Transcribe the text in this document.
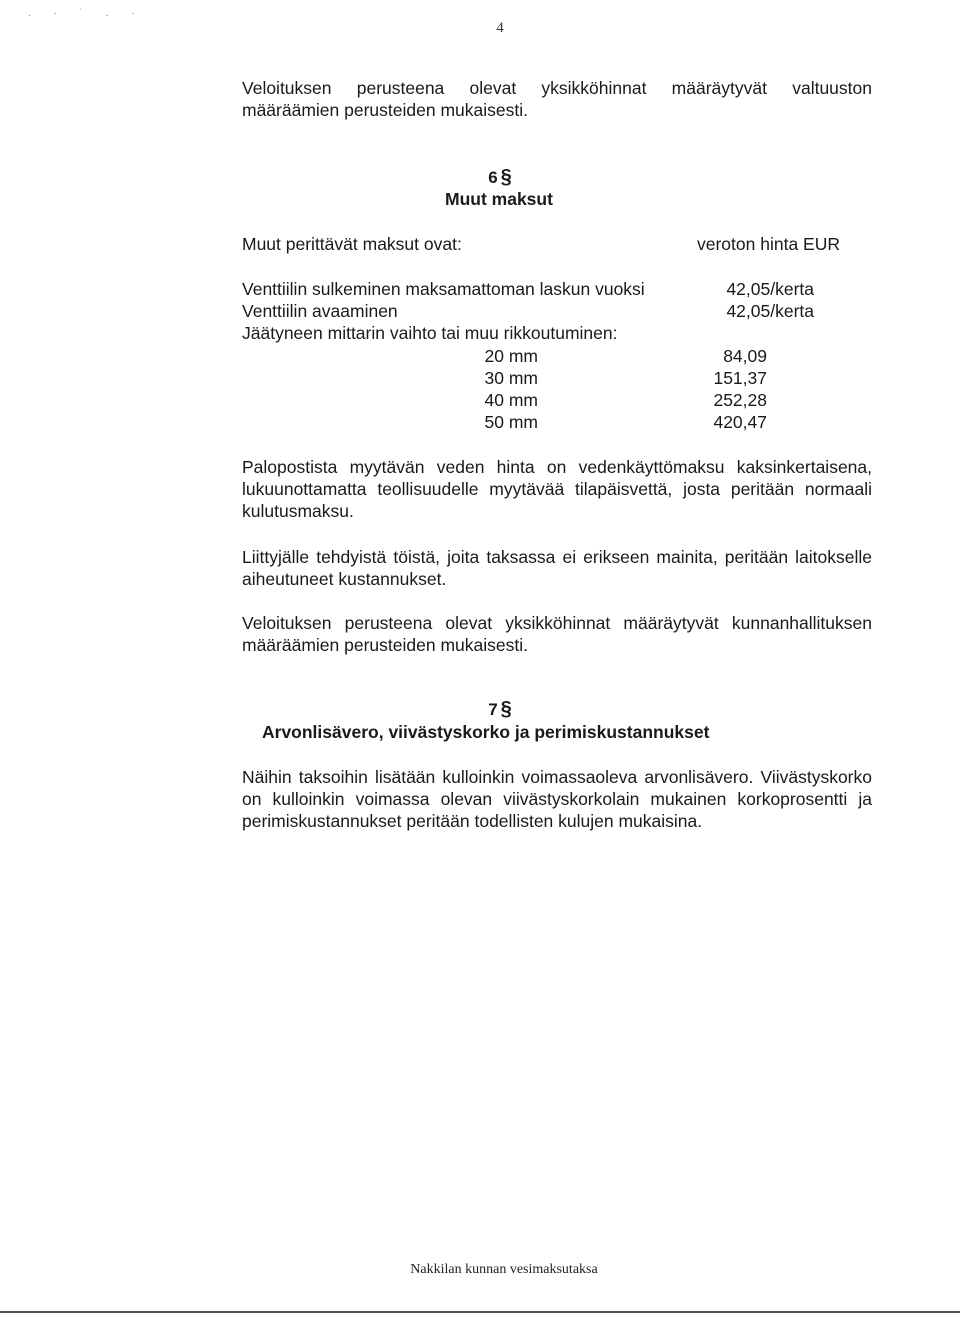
. · ˙ . ·
4

Veloituksen perusteena olevat yksikköhinnat määräytyvät valtuuston määräämien perusteiden mukaisesti.

6 §
Muut maksut
Muut perittävät maksut ovat:	veroton hinta EUR
Venttiilin sulkeminen maksamattoman laskun vuoksi	42,05/kerta
Venttiilin avaaminen	42,05/kerta
Jäätyneen mittarin vaihto tai muu rikkoutuminen:
20 mm	84,09
30 mm	151,37
40 mm	252,28
50 mm	420,47

Palopostista myytävän veden hinta on vedenkäyttömaksu kaksinkertaisena, lukuunottamatta teollisuudelle myytävää tilapäisvettä, josta peritään normaali kulutusmaksu.

Liittyjälle tehdyistä töistä, joita taksassa ei erikseen mainita, peritään laitokselle aiheutuneet kustannukset.

Veloituksen perusteena olevat yksikköhinnat määräytyvät kunnanhallituksen määräämien perusteiden mukaisesti.

7 §
Arvonlisävero, viivästyskorko ja perimiskustannukset

Näihin taksoihin lisätään kulloinkin voimassaoleva arvonlisävero. Viivästyskorko on kulloinkin voimassa olevan viivästyskorkolain mukainen korkoprosentti ja perimiskustannukset peritään todellisten kulujen mukaisina.

Nakkilan kunnan vesimaksutaksa
